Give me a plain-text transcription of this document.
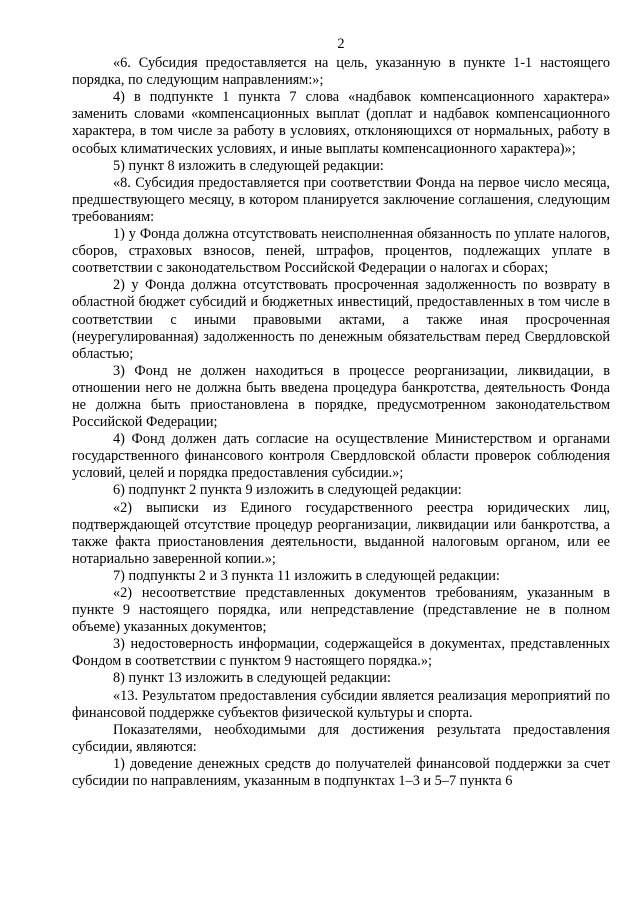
2

«6. Субсидия предоставляется на цель, указанную в пункте 1-1 настоящего порядка, по следующим направлениям:»;

4) в подпункте 1 пункта 7 слова «надбавок компенсационного характера» заменить словами «компенсационных выплат (доплат и надбавок компенсационного характера, в том числе за работу в условиях, отклоняющихся от нормальных, работу в особых климатических условиях, и иные выплаты компенсационного характера)»;

5) пункт 8 изложить в следующей редакции:

«8. Субсидия предоставляется при соответствии Фонда на первое число месяца, предшествующего месяцу, в котором планируется заключение соглашения, следующим требованиям:

1) у Фонда должна отсутствовать неисполненная обязанность по уплате налогов, сборов, страховых взносов, пеней, штрафов, процентов, подлежащих уплате в соответствии с законодательством Российской Федерации о налогах и сборах;

2) у Фонда должна отсутствовать просроченная задолженность по возврату в областной бюджет субсидий и бюджетных инвестиций, предоставленных в том числе в соответствии с иными правовыми актами, а также иная просроченная (неурегулированная) задолженность по денежным обязательствам перед Свердловской областью;

3) Фонд не должен находиться в процессе реорганизации, ликвидации, в отношении него не должна быть введена процедура банкротства, деятельность Фонда не должна быть приостановлена в порядке, предусмотренном законодательством Российской Федерации;

4) Фонд должен дать согласие на осуществление Министерством и органами государственного финансового контроля Свердловской области проверок соблюдения условий, целей и порядка предоставления субсидии.»;

6) подпункт 2 пункта 9 изложить в следующей редакции:

«2) выписки из Единого государственного реестра юридических лиц, подтверждающей отсутствие процедур реорганизации, ликвидации или банкротства, а также факта приостановления деятельности, выданной налоговым органом, или ее нотариально заверенной копии.»;

7) подпункты 2 и 3 пункта 11 изложить в следующей редакции:

«2) несоответствие представленных документов требованиям, указанным в пункте 9 настоящего порядка, или непредставление (представление не в полном объеме) указанных документов;

3) недостоверность информации, содержащейся в документах, представленных Фондом в соответствии с пунктом 9 настоящего порядка.»;

8) пункт 13 изложить в следующей редакции:

«13. Результатом предоставления субсидии является реализация мероприятий по финансовой поддержке субъектов физической культуры и спорта.

Показателями, необходимыми для достижения результата предоставления субсидии, являются:

1) доведение денежных средств до получателей финансовой поддержки за счет субсидии по направлениям, указанным в подпунктах 1–3 и 5–7 пункта 6
